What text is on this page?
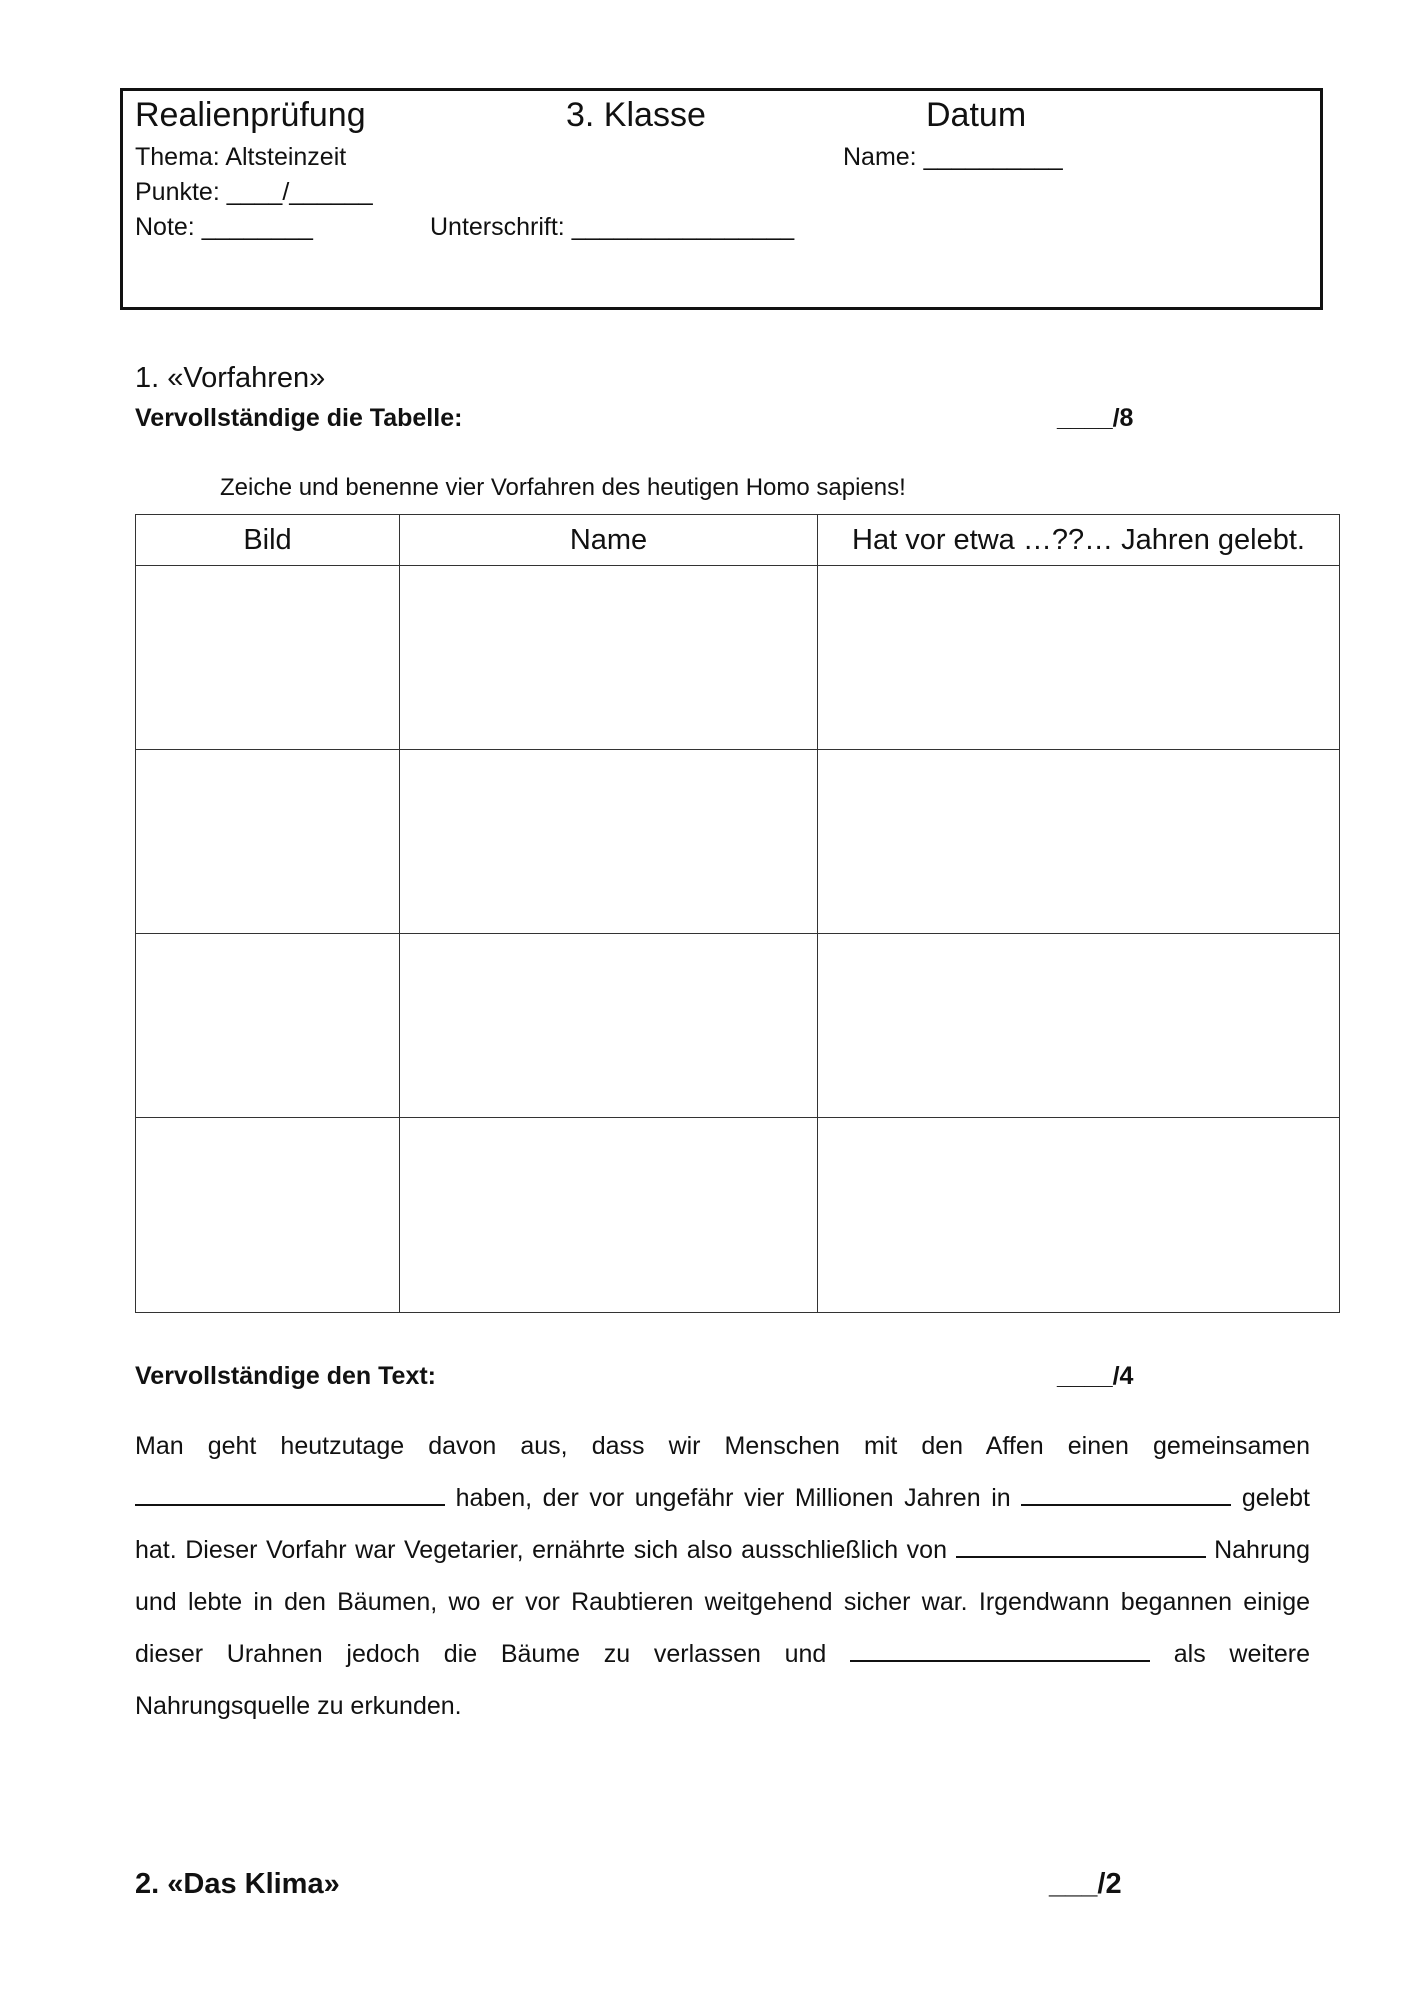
Realienprüfung	3. Klasse	Datum
Thema: Altsteinzeit	Name: __________
Punkte: ____/______
Note: ________	Unterschrift: ________________
1. «Vorfahren»
Vervollständige die Tabelle:	____/8
Zeiche und benenne vier Vorfahren des heutigen Homo sapiens!
Bild	Name	Hat vor etwa …??… Jahren gelebt.

Vervollständige den Text:	____/4
Man geht heutzutage davon aus, dass wir Menschen mit den Affen einen gemeinsamen  haben, der vor ungefähr vier Millionen Jahren in	gelebt hat. Dieser Vorfahr war Vegetarier, ernährte sich also ausschließlich von	Nahrung und lebte in den Bäumen, wo er vor Raubtieren weitgehend sicher war. Irgendwann begannen einige dieser Urahnen jedoch die Bäume zu verlassen und	als weitere Nahrungsquelle zu erkunden.
2. «Das Klima»	___/2
